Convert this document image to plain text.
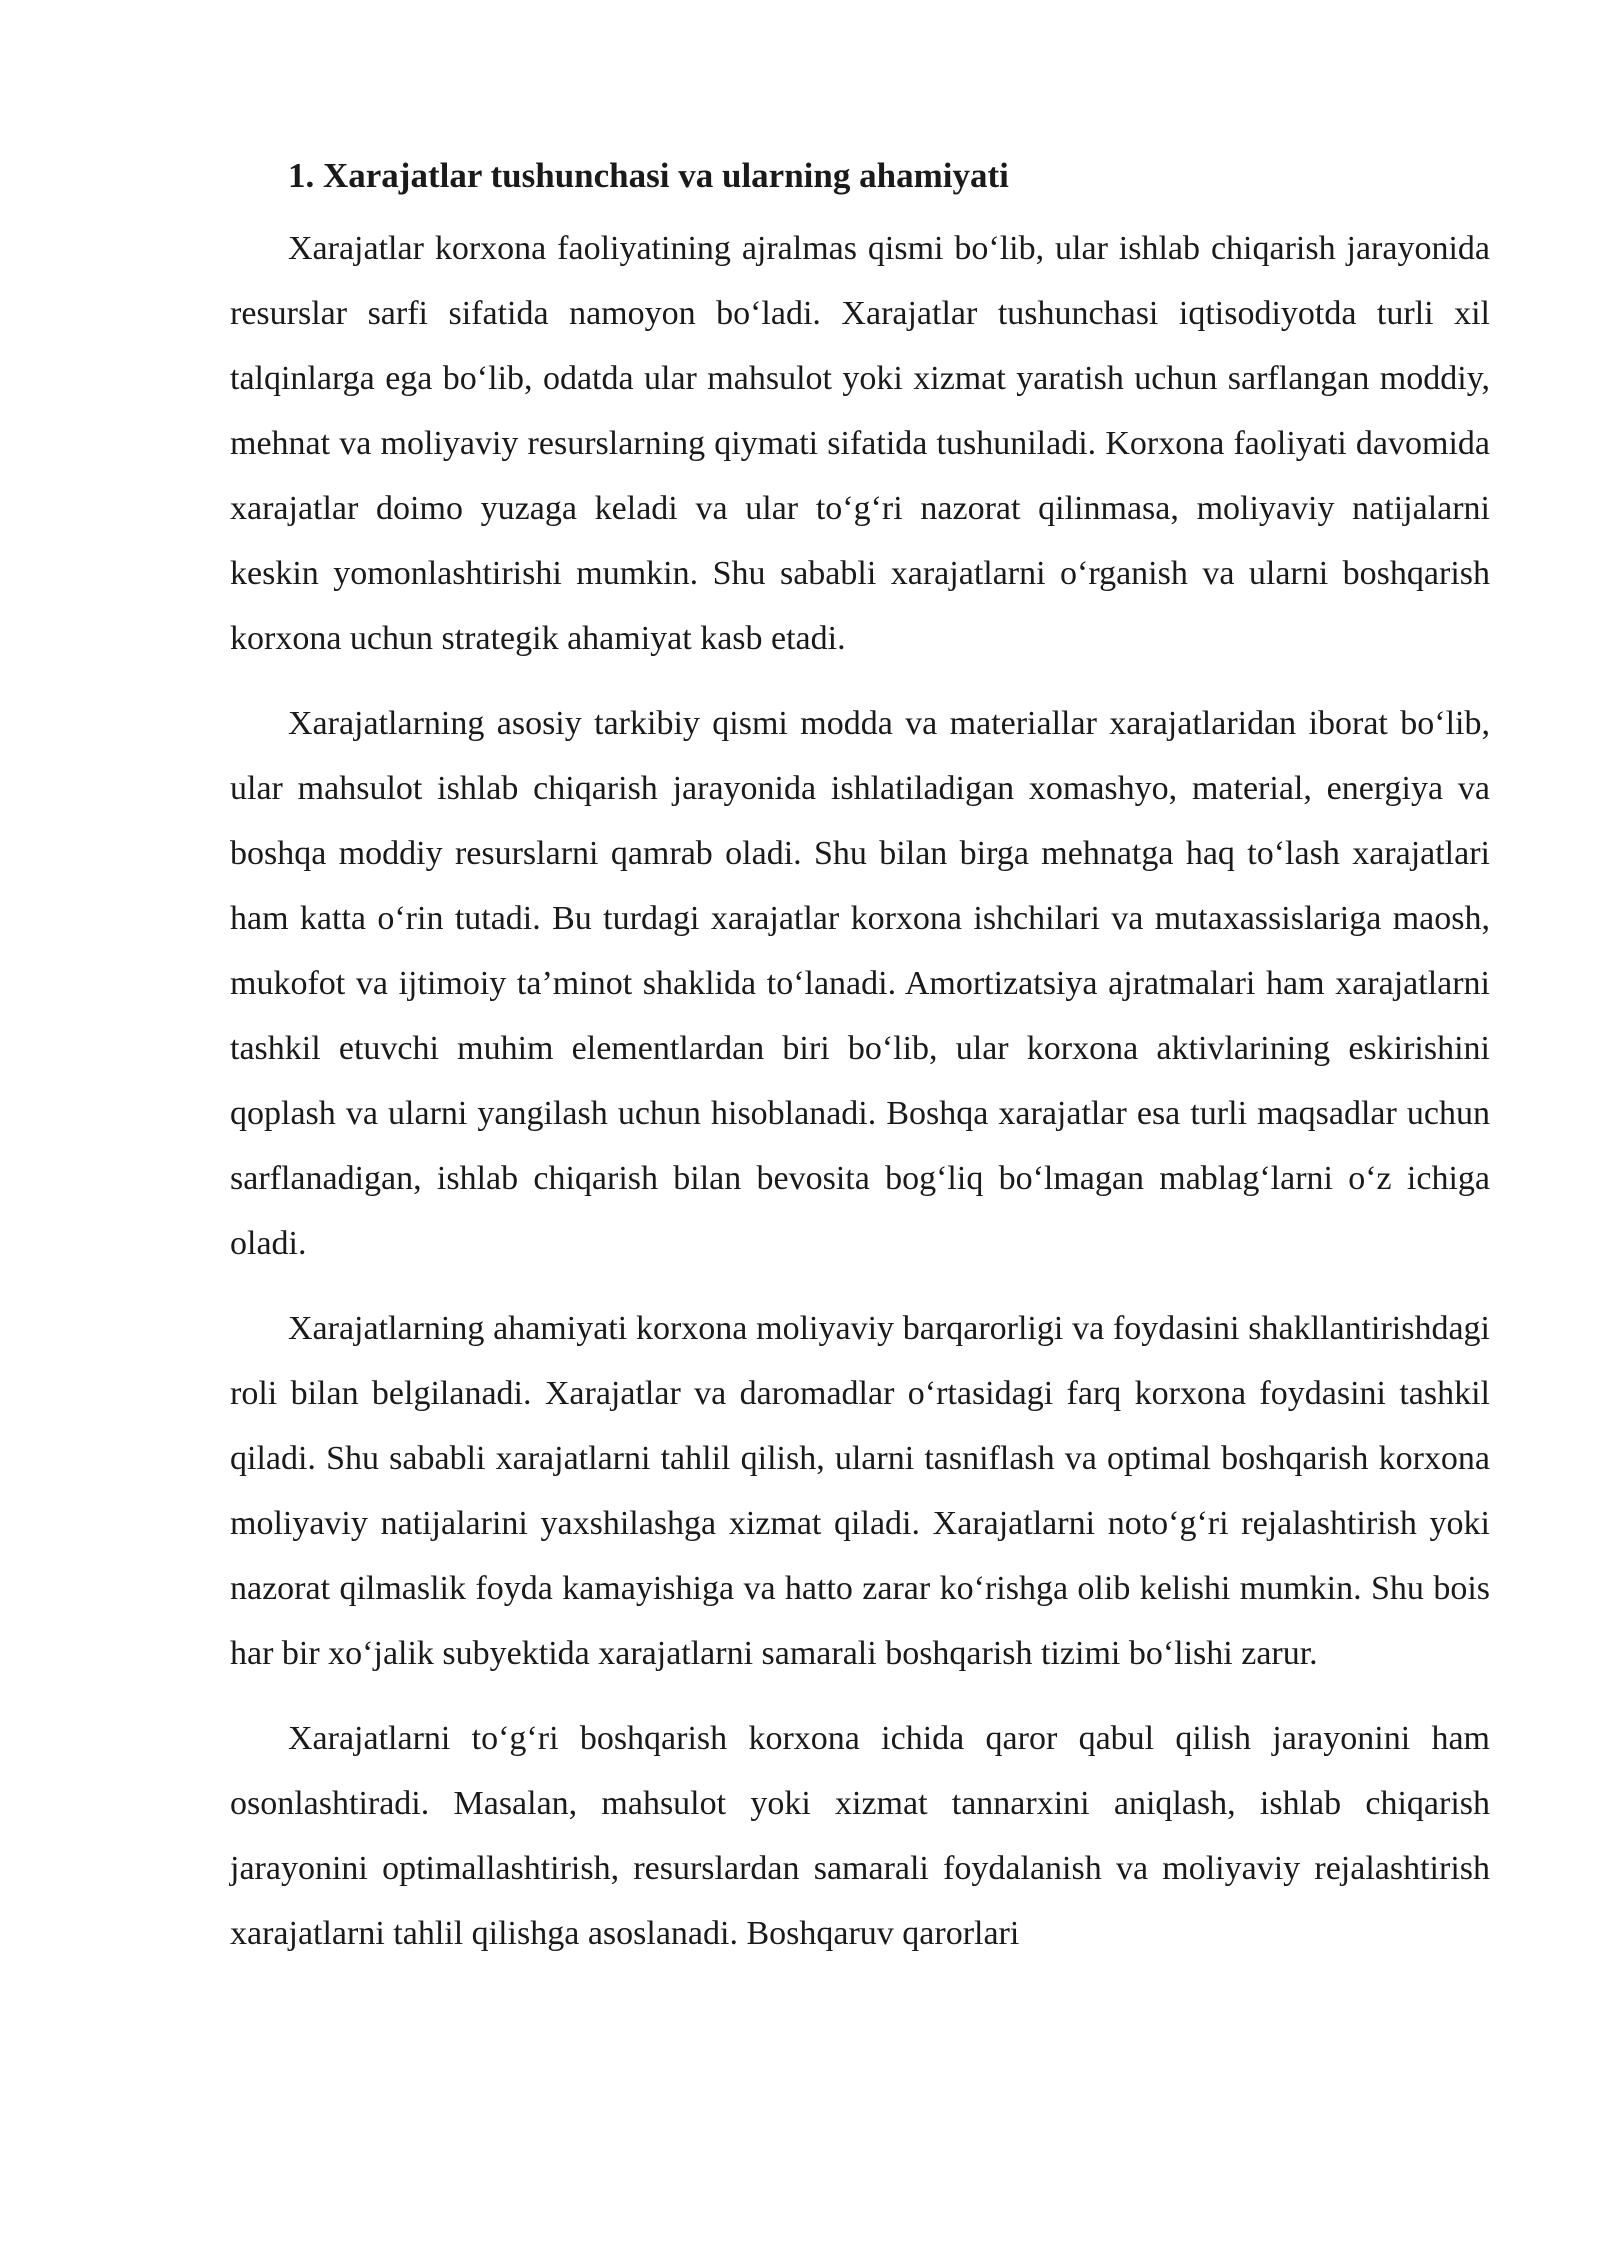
1. Xarajatlar tushunchasi va ularning ahamiyati

Xarajatlar korxona faoliyatining ajralmas qismi bo‘lib, ular ishlab chiqarish jarayonida resurslar sarfi sifatida namoyon bo‘ladi. Xarajatlar tushunchasi iqtisodiyotda turli xil talqinlarga ega bo‘lib, odatda ular mahsulot yoki xizmat yaratish uchun sarflangan moddiy, mehnat va moliyaviy resurslarning qiymati sifatida tushuniladi. Korxona faoliyati davomida xarajatlar doimo yuzaga keladi va ular to‘g‘ri nazorat qilinmasa, moliyaviy natijalarni keskin yomonlashtirishi mumkin. Shu sababli xarajatlarni o‘rganish va ularni boshqarish korxona uchun strategik ahamiyat kasb etadi.

Xarajatlarning asosiy tarkibiy qismi modda va materiallar xarajatlaridan iborat bo‘lib, ular mahsulot ishlab chiqarish jarayonida ishlatiladigan xomashyo, material, energiya va boshqa moddiy resurslarni qamrab oladi. Shu bilan birga mehnatga haq to‘lash xarajatlari ham katta o‘rin tutadi. Bu turdagi xarajatlar korxona ishchilari va mutaxassislariga maosh, mukofot va ijtimoiy ta’minot shaklida to‘lanadi. Amortizatsiya ajratmalari ham xarajatlarni tashkil etuvchi muhim elementlardan biri bo‘lib, ular korxona aktivlarining eskirishini qoplash va ularni yangilash uchun hisoblanadi. Boshqa xarajatlar esa turli maqsadlar uchun sarflanadigan, ishlab chiqarish bilan bevosita bog‘liq bo‘lmagan mablag‘larni o‘z ichiga oladi.

Xarajatlarning ahamiyati korxona moliyaviy barqarorligi va foydasini shakllantirishdagi roli bilan belgilanadi. Xarajatlar va daromadlar o‘rtasidagi farq korxona foydasini tashkil qiladi. Shu sababli xarajatlarni tahlil qilish, ularni tasniflash va optimal boshqarish korxona moliyaviy natijalarini yaxshilashga xizmat qiladi. Xarajatlarni noto‘g‘ri rejalashtirish yoki nazorat qilmaslik foyda kamayishiga va hatto zarar ko‘rishga olib kelishi mumkin. Shu bois har bir xo‘jalik subyektida xarajatlarni samarali boshqarish tizimi bo‘lishi zarur.

Xarajatlarni to‘g‘ri boshqarish korxona ichida qaror qabul qilish jarayonini ham osonlashtiradi. Masalan, mahsulot yoki xizmat tannarxini aniqlash, ishlab chiqarish jarayonini optimallashtirish, resurslardan samarali foydalanish va moliyaviy rejalashtirish xarajatlarni tahlil qilishga asoslanadi. Boshqaruv qarorlari
